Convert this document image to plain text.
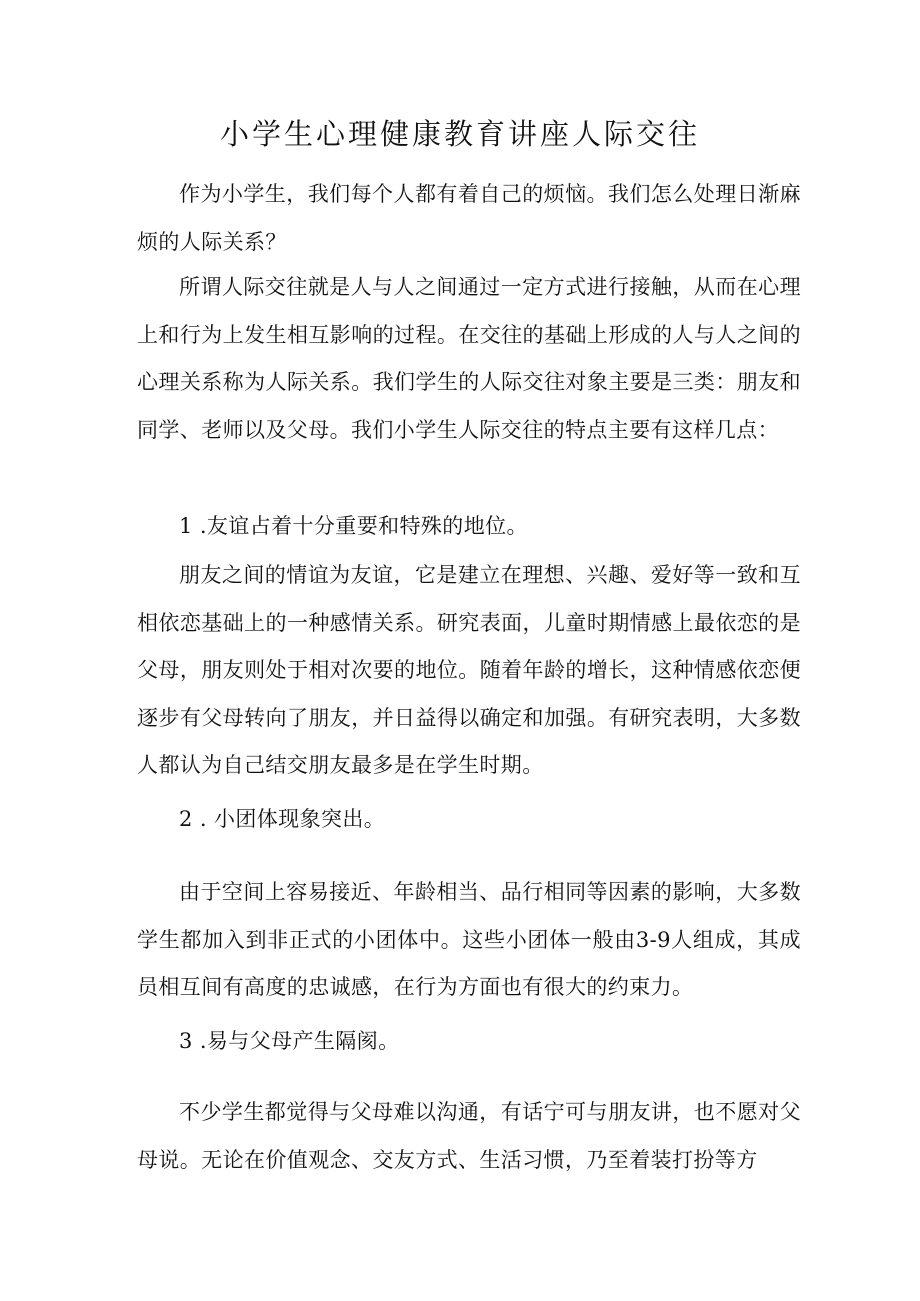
小学生心理健康教育讲座人际交往

作为小学生，我们每个人都有着自己的烦恼。我们怎么处理日渐麻烦的人际关系？

所谓人际交往就是人与人之间通过一定方式进行接触，从而在心理上和行为上发生相互影响的过程。在交往的基础上形成的人与人之间的心理关系称为人际关系。我们学生的人际交往对象主要是三类：朋友和同学、老师以及父母。我们小学生人际交往的特点主要有这样几点：

1 .友谊占着十分重要和特殊的地位。

朋友之间的情谊为友谊，它是建立在理想、兴趣、爱好等一致和互相依恋基础上的一种感情关系。研究表面，儿童时期情感上最依恋的是父母，朋友则处于相对次要的地位。随着年龄的增长，这种情感依恋便逐步有父母转向了朋友，并日益得以确定和加强。有研究表明，大多数人都认为自己结交朋友最多是在学生时期。

2 . 小团体现象突出。

由于空间上容易接近、年龄相当、品行相同等因素的影响，大多数学生都加入到非正式的小团体中。这些小团体一般由3-9人组成，其成员相互间有高度的忠诚感，在行为方面也有很大的约束力。

3 .易与父母产生隔阂。

不少学生都觉得与父母难以沟通，有话宁可与朋友讲，也不愿对父母说。无论在价值观念、交友方式、生活习惯，乃至着装打扮等方
